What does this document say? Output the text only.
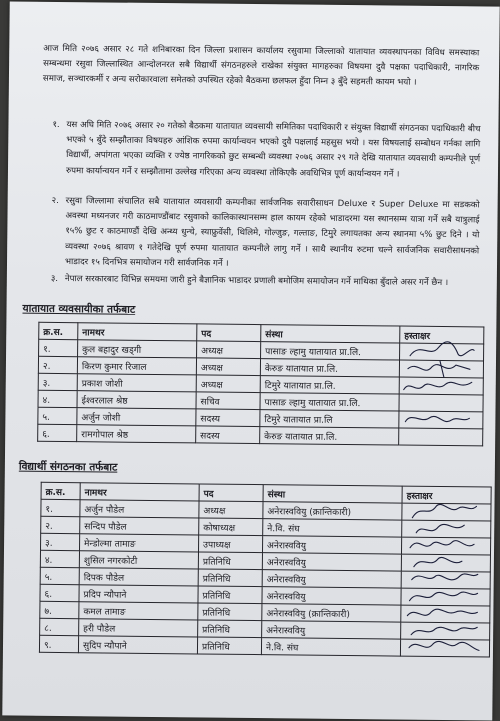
आज मिति २०७६ असार २८ गते शनिबारका दिन जिल्ला प्रशासन कार्यालय रसुवामा जिल्लाको यातायात व्यवस्थापनका विविध समस्याका सम्बन्धमा रसुवा जिल्लास्थित आन्दोलनरत सबै विद्यार्थी संगठनहरुले राखेका संयुक्त मागहरुका विषयमा दुवै पक्षका पदाधिकारी, नागरिक समाज, सञ्चारकर्मी र अन्य सरोकारवाला समेतको उपस्थित रहेको बैठकमा छलफल हुँदा निम्न ३ बुँदे सहमती कायम भयो ।
१. यस अघि मिति २०७६ असार २० गतेको बैठकमा यातायात व्यवसायी समितिका पदाधिकारी र संयुक्त विद्यार्थी संगठनका पदाधिकारी बीच भएको ५ बुँदे सम्झौताका विषयहरु आंशिक रुपमा कार्यान्वयन भएको दुवै पक्षलाई महसुस भयो । यस विषयलाई सम्बोधन गर्नका लागि विद्यार्थी, अपांगता भएका व्यक्ति र ज्येष्ठ नागरिकको छुट सम्बन्धी व्यवस्था २०७६ असार २९ गते देखि यातायात व्यवसायी कम्पनीले पूर्ण रुपमा कार्यान्वयन गर्ने र सम्झौतामा उल्लेख गरिएका अन्य व्यवस्था तोकिएकै अवधिभित्र पूर्ण कार्यान्वयन गर्ने ।
२. रसुवा जिल्लामा संचालित सबै यातायात व्यवसायी कम्पनीका सार्वजनिक सवारीसाधन Deluxe र Super Deluxe मा सडकको अवस्था मध्यनजर गरी काठमाण्डौंबाट रसुवाको कालिकास्थानसम्म हाल कायम रहेको भाडादरमा यस स्थानसम्म यात्रा गर्ने सबै यात्रुलाई १५% छुट र काठमाण्डौं देखि अन्थ्य धुन्चे, स्याफ्रुवेंसी, थिलिमे, गोल्जुङ, गल्ताङ, टिमुरे लगायतका अन्य स्थानमा ५% छुट दिने । यो व्यवस्था २०७६ श्रावण १ गतेदेखि पूर्ण रुपमा यातायात कम्पनीले लागु गर्ने । साथै स्थानीय रुटमा चल्ने सार्वजनिक सवारीसाधनको भाडादर १५ दिनभित्र समायोजन गरी सार्वजनिक गर्ने ।
३. नेपाल सरकारबाट विभिन्न समयमा जारी हुने बैज्ञानिक भाडादर प्रणाली बमोजिम समायोजन गर्ने माथिका बुँदाले असर गर्ने छैन ।
यातायात व्यवसायीका तर्फबाट
क्र.स.	नामथर	पद	संस्था	हस्ताक्षर
१.	कुल बहादुर खड्गी	अध्यक्ष	पासाङ ल्हामु यातायात प्रा.लि.	

२.	किरण कुमार रिजाल	अध्यक्ष	केरुङ यातायात प्रा.लि.	

३.	प्रकाश जोशी	अध्यक्ष	टिमुरे यातायात प्रा.लि.	

४.	ईश्वरलाल श्रेष्ठ	सचिव	पासाङ ल्हामु यातायात प्रा.लि.	
५.	अर्जुन जोशी	सदस्य	टिमुरे यातायात प्रा.लि	

६.	रामगोपाल श्रेष्ठ	सदस्य	केरुङ यातायात प्रा.लि.	
विद्यार्थी संगठनका तर्फबाट
क्र.स.	नामथर	पद	संस्था	हस्ताक्षर
१.	अर्जुन पौडेल	अध्यक्ष	अनेरास्ववियु (क्रान्तिकारी)	

२.	सन्दिप पौडेल	कोषाध्यक्ष	ने.वि. संघ	

३.	मेन्डोल्मा तामाङ	उपाध्यक्ष	अनेरास्ववियु	

४.	शुसिल नगरकोटी	प्रतिनिधि	अनेरास्ववियु	

५.	दिपक पौडेल	प्रतिनिधि	अनेरास्ववियु	

६.	प्रदिप न्यौपाने	प्रतिनिधि	अनेरास्ववियु	

७.	कमल तामाङ	प्रतिनिधि	अनेरास्ववियु (क्रान्तिकारी)	

८.	हरी पौडेल	प्रतिनिधि	अनेरास्ववियु	

९.	सुदिप न्यौपाने	प्रतिनिधि	ने.वि. संघ	
